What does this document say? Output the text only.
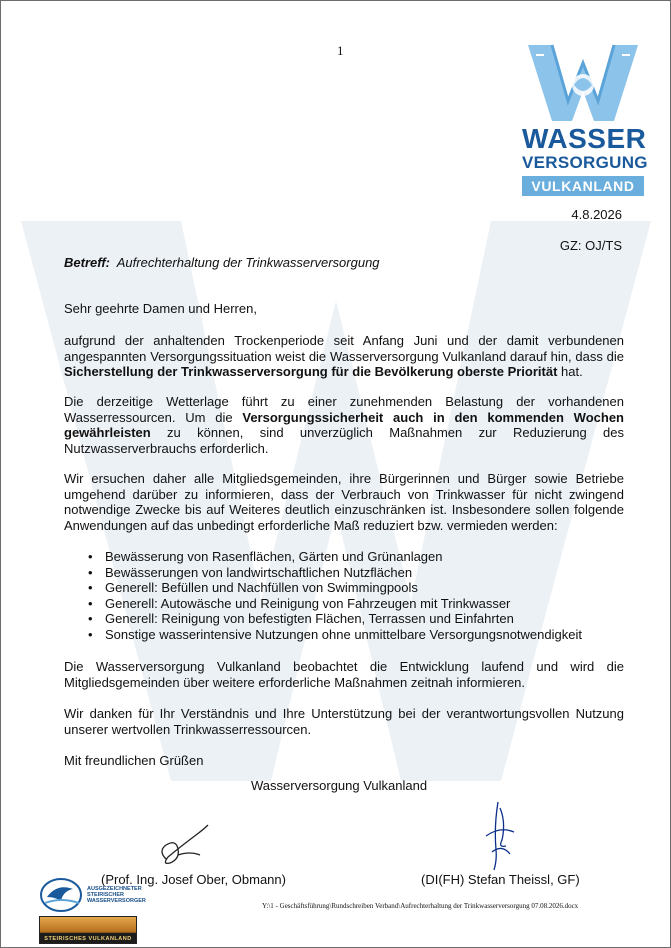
1
WASSER
VERSORGUNG
VULKANLAND
4.8.2026
GZ: OJ/TS
Betreff: Aufrechterhaltung der Trinkwasserversorgung
Sehr geehrte Damen und Herren,
aufgrund der anhaltenden Trockenperiode seit Anfang Juni und der damit verbundenen angespannten Versorgungssituation weist die Wasserversorgung Vulkanland darauf hin, dass die Sicherstellung der Trinkwasserversorgung für die Bevölkerung oberste Priorität hat.
Die derzeitige Wetterlage führt zu einer zunehmenden Belastung der vorhandenen Wasserressourcen. Um die Versorgungssicherheit auch in den kommenden Wochen gewährleisten zu können, sind unverzüglich Maßnahmen zur Reduzierung des Nutzwasserverbrauchs erforderlich.
Wir ersuchen daher alle Mitgliedsgemeinden, ihre Bürgerinnen und Bürger sowie Betriebe umgehend darüber zu informieren, dass der Verbrauch von Trinkwasser für nicht zwingend notwendige Zwecke bis auf Weiteres deutlich einzuschränken ist. Insbesondere sollen folgende Anwendungen auf das unbedingt erforderliche Maß reduziert bzw. vermieden werden:
• Bewässerung von Rasenflächen, Gärten und Grünanlagen
• Bewässerungen von landwirtschaftlichen Nutzflächen
• Generell: Befüllen und Nachfüllen von Swimmingpools
• Generell: Autowäsche und Reinigung von Fahrzeugen mit Trinkwasser
• Generell: Reinigung von befestigten Flächen, Terrassen und Einfahrten
• Sonstige wasserintensive Nutzungen ohne unmittelbare Versorgungsnotwendigkeit
Die Wasserversorgung Vulkanland beobachtet die Entwicklung laufend und wird die Mitgliedsgemeinden über weitere erforderliche Maßnahmen zeitnah informieren.
Wir danken für Ihr Verständnis und Ihre Unterstützung bei der verantwortungsvollen Nutzung unserer wertvollen Trinkwasserressourcen.
Mit freundlichen Grüßen
Wasserversorgung Vulkanland
(Prof. Ing. Josef Ober, Obmann)	(DI(FH) Stefan Theissl, GF)
AUSGEZEICHNETER STEIRISCHER WASSERVERSORGER
STEIRISCHES VULKANLAND
Y:\1 - Geschäftsführung\Rundschreiben Verband\Aufrechterhaltung der Trinkwasserversorgung 07.08.2026.docx
